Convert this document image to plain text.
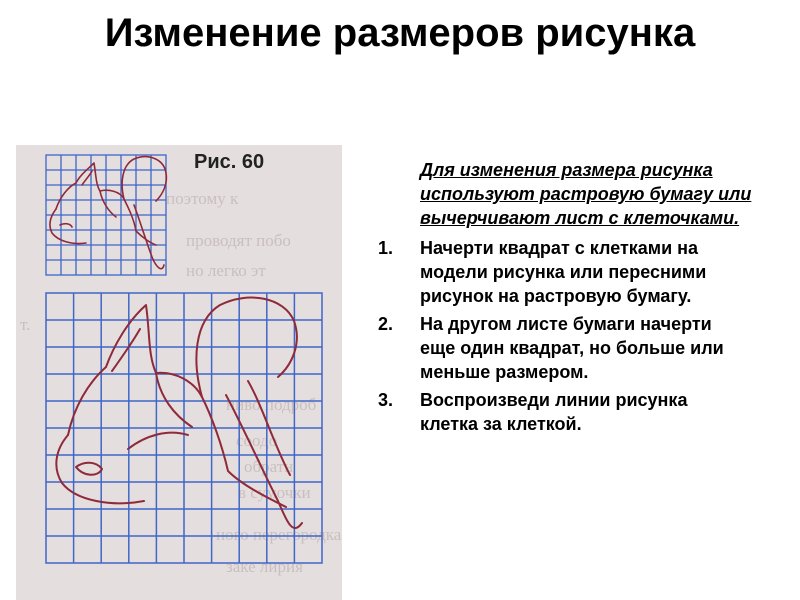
Изменение размеров рисунка
поэтому к
проводят побо
но легко эт
т.
ниво подроб
соодо
обратн
в сумочки
ного перегородка
заке лирия
Рис. 60	Для изменения размера рисунка используют растровую бумагу или вычерчивают лист с клеточками.

1.	Начерти квадрат с клетками на модели рисунка или пересними рисунок на растровую бумагу.
2.	На другом листе бумаги начерти еще один квадрат, но больше или меньше размером.
3.	Воспроизведи линии рисунка клетка за клеткой.
